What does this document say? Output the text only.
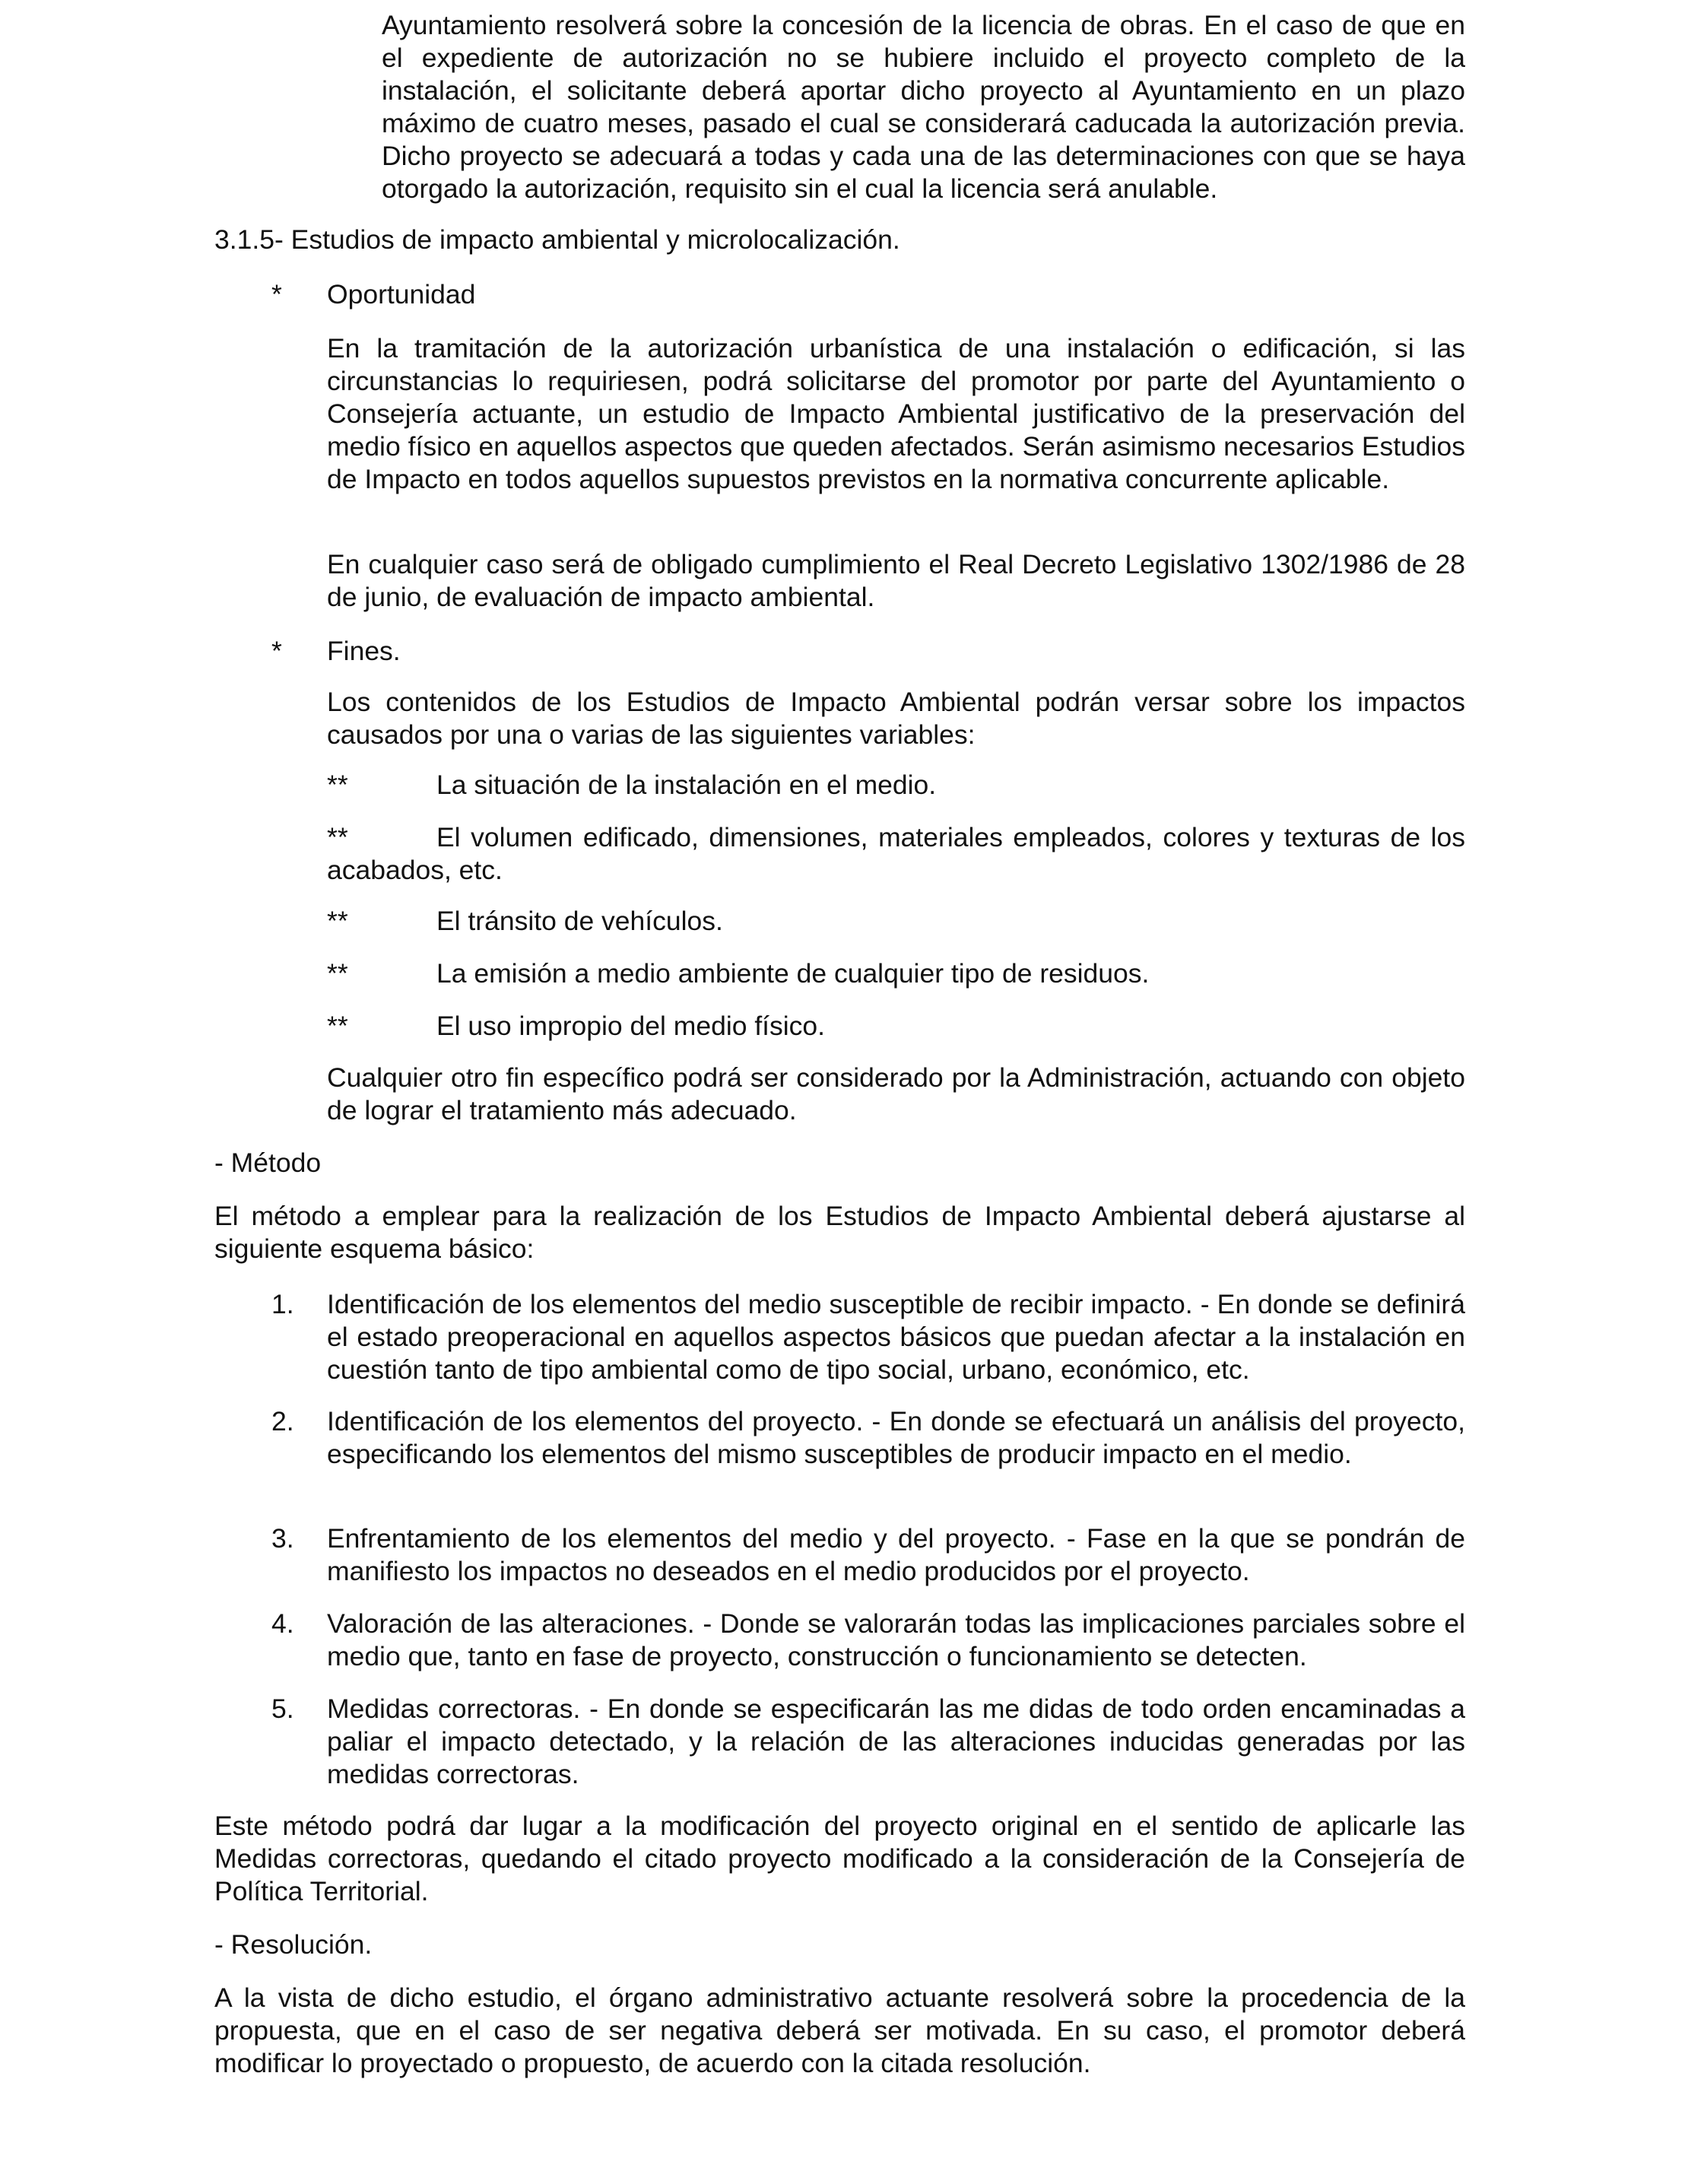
Ayuntamiento resolverá sobre la concesión de la licencia de obras. En el caso de que en el expediente de autorización no se hubiere incluido el proyecto completo de la instalación, el solicitante deberá aportar dicho proyecto al Ayuntamiento en un plazo máximo de cuatro meses, pasado el cual se considerará caducada la autorización previa. Dicho proyecto se adecuará a todas y cada una de las determinaciones con que se haya otorgado la autorización, requisito sin el cual la licencia será anulable.

3.1.5- Estudios de impacto ambiental y microlocalización.

* Oportunidad

En la tramitación de la autorización urbanística de una instalación o edificación, si las circunstancias lo requiriesen, podrá solicitarse del promotor por parte del Ayuntamiento o Consejería actuante, un estudio de Impacto Ambiental justificativo de la preservación del medio físico en aquellos aspectos que queden afectados. Serán asimismo necesarios Estudios de Impacto en todos aquellos supuestos previstos en la normativa concurrente aplicable.

En cualquier caso será de obligado cumplimiento el Real Decreto Legislativo 1302/1986 de 28 de junio, de evaluación de impacto ambiental.

* Fines.

Los contenidos de los Estudios de Impacto Ambiental podrán versar sobre los impactos causados por una o varias de las siguientes variables:

**	La situación de la instalación en el medio.

**	El volumen edificado, dimensiones, materiales empleados, colores y texturas de los acabados, etc.

**	El tránsito de vehículos.

**	La emisión a medio ambiente de cualquier tipo de residuos.

**	El uso impropio del medio físico.

Cualquier otro fin específico podrá ser considerado por la Administración, actuando con objeto de lograr el tratamiento más adecuado.

- Método

El método a emplear para la realización de los Estudios de Impacto Ambiental deberá ajustarse al siguiente esquema básico:

1. Identificación de los elementos del medio susceptible de recibir impacto. - En donde se definirá el estado preoperacional en aquellos aspectos básicos que puedan afectar a la instalación en cuestión tanto de tipo ambiental como de tipo social, urbano, económico, etc.

2. Identificación de los elementos del proyecto. - En donde se efectuará un análisis del proyecto, especificando los elementos del mismo susceptibles de producir impacto en el medio.

3. Enfrentamiento de los elementos del medio y del proyecto. - Fase en la que se pondrán de manifiesto los impactos no deseados en el medio producidos por el proyecto.

4. Valoración de las alteraciones. - Donde se valorarán todas las implicaciones parciales sobre el medio que, tanto en fase de proyecto, construcción o funcionamiento se detecten.

5. Medidas correctoras. - En donde se especificarán las me didas de todo orden encaminadas a paliar el impacto detectado, y la relación de las alteraciones inducidas generadas por las medidas correctoras.

Este método podrá dar lugar a la modificación del proyecto original en el sentido de aplicarle las Medidas correctoras, quedando el citado proyecto modificado a la consideración de la Consejería de Política Territorial.

- Resolución.

A la vista de dicho estudio, el órgano administrativo actuante resolverá sobre la procedencia de la propuesta, que en el caso de ser negativa deberá ser motivada. En su caso, el promotor deberá modificar lo proyectado o propuesto, de acuerdo con la citada resolución.
